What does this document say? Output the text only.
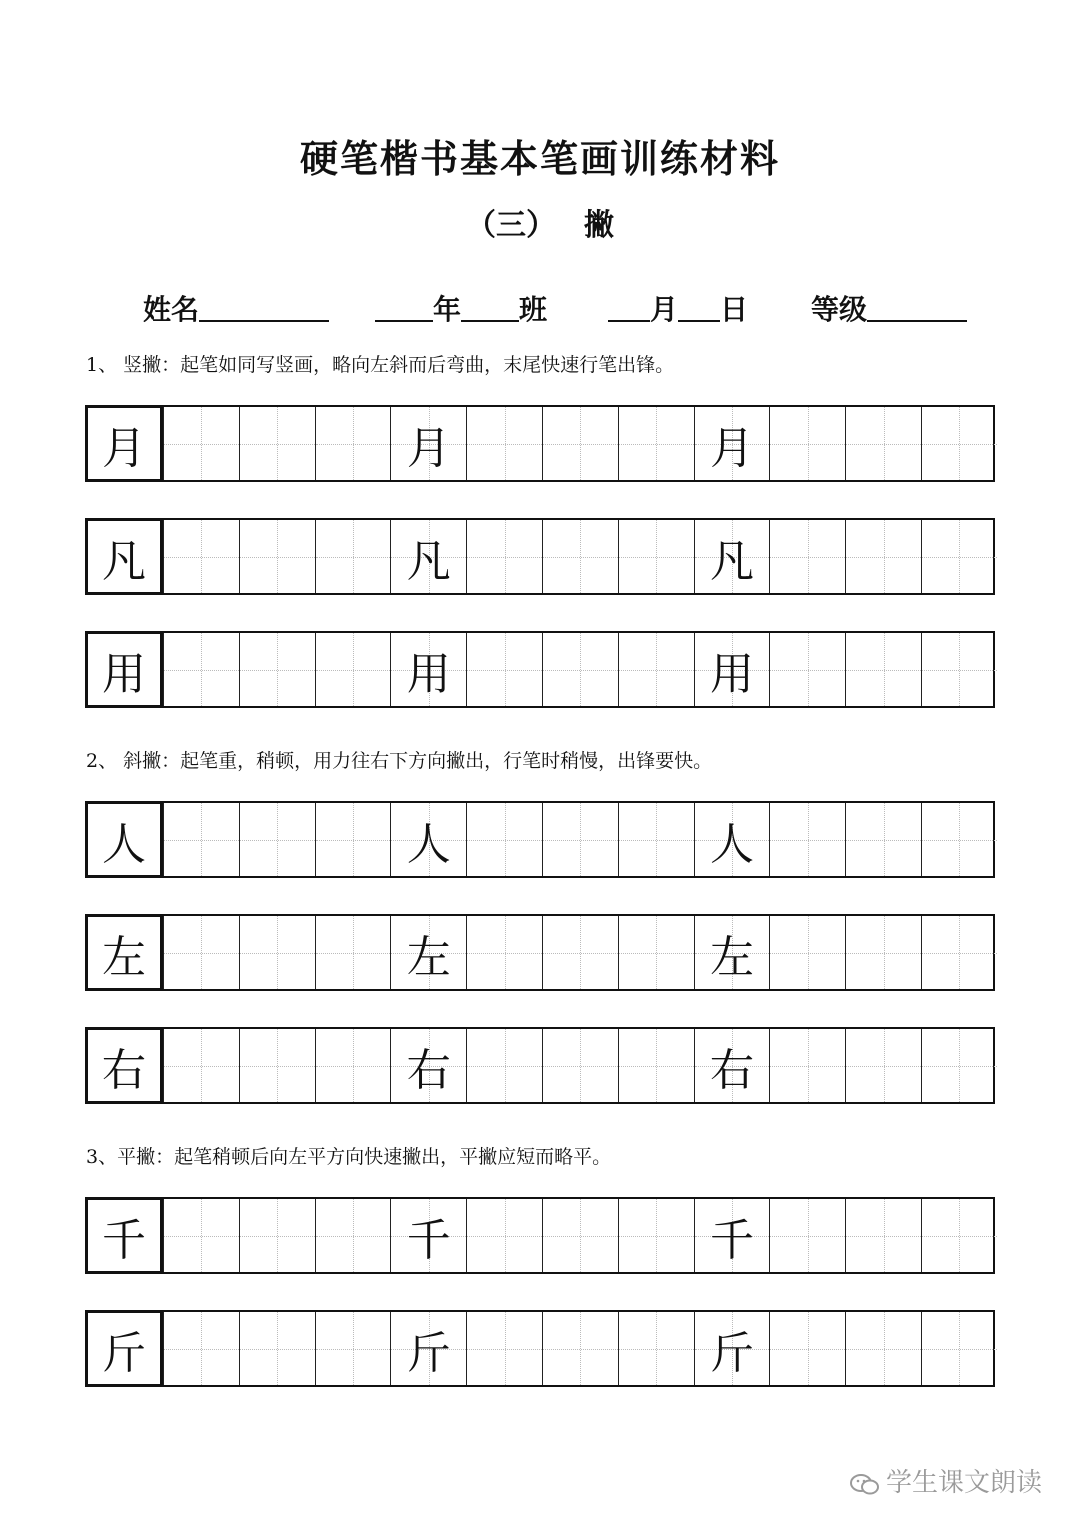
硬笔楷书基本笔画训练材料
（三） 撇
姓名	年 班	月 日 等级
1、 竖撇：起笔如同写竖画，略向左斜而后弯曲，末尾快速行笔出锋。
月	月	月
凡	凡	凡
用	用	用
2、 斜撇：起笔重，稍顿，用力往右下方向撇出，行笔时稍慢，出锋要快。
人	人	人
左	左	左
右	右	右
3、平撇：起笔稍顿后向左平方向快速撇出，平撇应短而略平。
千	千	千
斤	斤	斤
学生课文朗读
